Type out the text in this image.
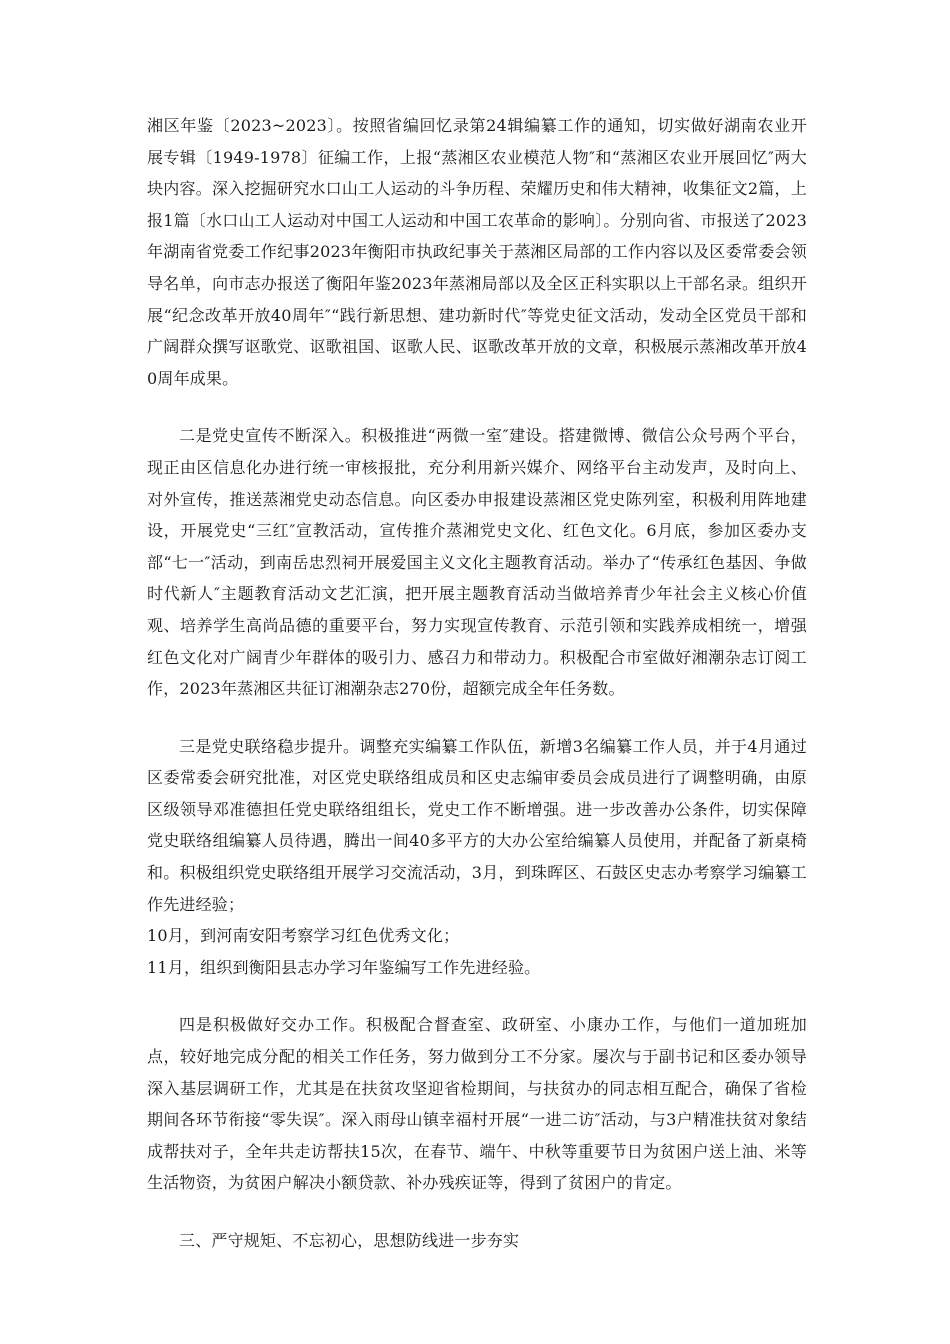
湘区年鉴〔2023~2023〕。按照省编回忆录第24辑编纂工作的通知，切实做好湖南农业开展专辑〔1949-1978〕征编工作，上报“蒸湘区农业模范人物″和“蒸湘区农业开展回忆″两大块内容。深入挖掘研究水口山工人运动的斗争历程、荣耀历史和伟大精神，收集征文2篇，上报1篇〔水口山工人运动对中国工人运动和中国工农革命的影响〕。分别向省、市报送了2023年湖南省党委工作纪事2023年衡阳市执政纪事关于蒸湘区局部的工作内容以及区委常委会领导名单，向市志办报送了衡阳年鉴2023年蒸湘局部以及全区正科实职以上干部名录。组织开展“纪念改革开放40周年″“践行新思想、建功新时代″等党史征文活动，发动全区党员干部和广阔群众撰写讴歌党、讴歌祖国、讴歌人民、讴歌改革开放的文章，积极展示蒸湘改革开放40周年成果。

二是党史宣传不断深入。积极推进“两微一室″建设。搭建微博、微信公众号两个平台，现正由区信息化办进行统一审核报批，充分利用新兴媒介、网络平台主动发声，及时向上、对外宣传，推送蒸湘党史动态信息。向区委办申报建设蒸湘区党史陈列室，积极利用阵地建设，开展党史“三红″宣教活动，宣传推介蒸湘党史文化、红色文化。6月底，参加区委办支部“七一″活动，到南岳忠烈祠开展爱国主义文化主题教育活动。举办了“传承红色基因、争做时代新人″主题教育活动文艺汇演，把开展主题教育活动当做培养青少年社会主义核心价值观、培养学生高尚品德的重要平台，努力实现宣传教育、示范引领和实践养成相统一，增强红色文化对广阔青少年群体的吸引力、感召力和带动力。积极配合市室做好湘潮杂志订阅工作，2023年蒸湘区共征订湘潮杂志270份，超额完成全年任务数。

三是党史联络稳步提升。调整充实编纂工作队伍，新增3名编纂工作人员，并于4月通过区委常委会研究批准，对区党史联络组成员和区史志编审委员会成员进行了调整明确，由原区级领导邓准德担任党史联络组组长，党史工作不断增强。进一步改善办公条件，切实保障党史联络组编纂人员待遇，腾出一间40多平方的大办公室给编纂人员使用，并配备了新桌椅和。积极组织党史联络组开展学习交流活动，3月，到珠晖区、石鼓区史志办考察学习编纂工作先进经验；

10月，到河南安阳考察学习红色优秀文化；

11月，组织到衡阳县志办学习年鉴编写工作先进经验。

四是积极做好交办工作。积极配合督查室、政研室、小康办工作，与他们一道加班加点，较好地完成分配的相关工作任务，努力做到分工不分家。屡次与于副书记和区委办领导深入基层调研工作，尤其是在扶贫攻坚迎省检期间，与扶贫办的同志相互配合，确保了省检期间各环节衔接“零失误″。深入雨母山镇幸福村开展“一进二访″活动，与3户精准扶贫对象结成帮扶对子，全年共走访帮扶15次，在春节、端午、中秋等重要节日为贫困户送上油、米等生活物资，为贫困户解决小额贷款、补办残疾证等，得到了贫困户的肯定。

三、严守规矩、不忘初心，思想防线进一步夯实
